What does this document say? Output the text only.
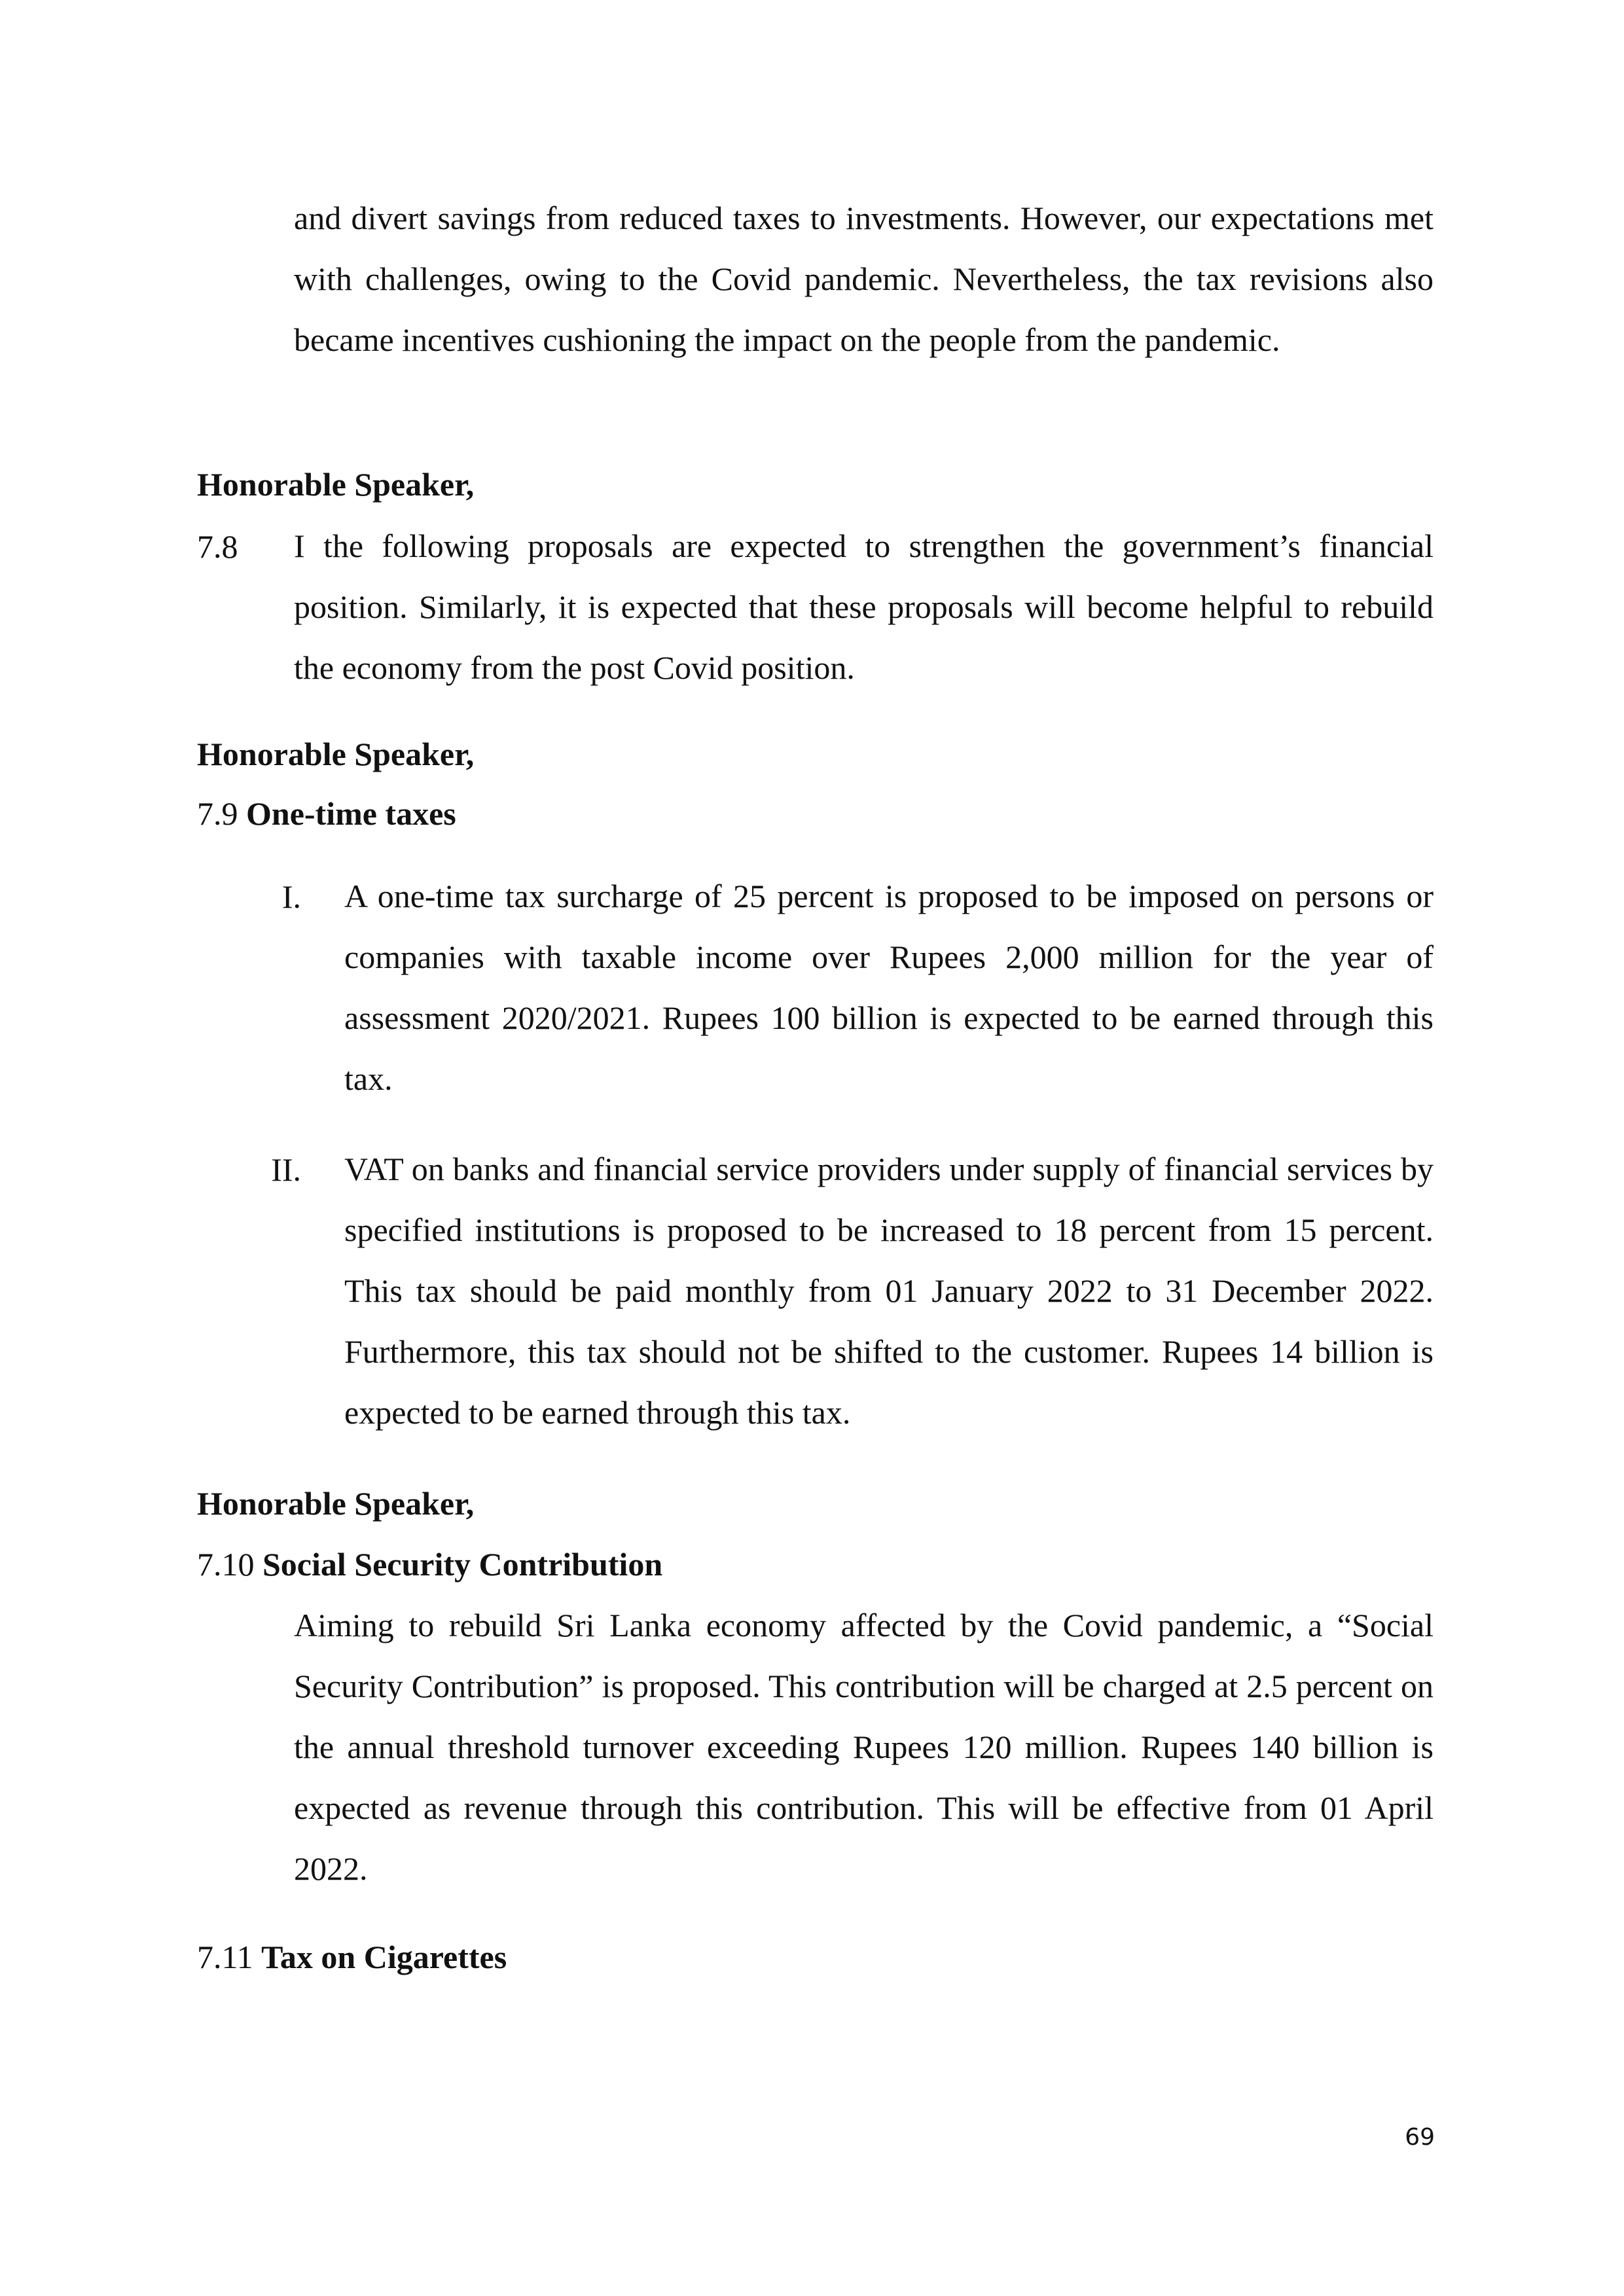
and divert savings from reduced taxes to investments. However, our expectations met with challenges, owing to the Covid pandemic. Nevertheless, the tax revisions also became incentives cushioning the impact on the people from the pandemic.

Honorable Speaker,

7.8 I the following proposals are expected to strengthen the government’s financial position. Similarly, it is expected that these proposals will become helpful to rebuild the economy from the post Covid position.

Honorable Speaker,

7.9 One-time taxes

I. A one-time tax surcharge of 25 percent is proposed to be imposed on persons or companies with taxable income over Rupees 2,000 million for the year of assessment 2020/2021. Rupees 100 billion is expected to be earned through this tax.

II. VAT on banks and financial service providers under supply of financial services by specified institutions is proposed to be increased to 18 percent from 15 percent. This tax should be paid monthly from 01 January 2022 to 31 December 2022. Furthermore, this tax should not be shifted to the customer. Rupees 14 billion is expected to be earned through this tax.

Honorable Speaker,

7.10 Social Security Contribution

Aiming to rebuild Sri Lanka economy affected by the Covid pandemic, a “Social Security Contribution” is proposed. This contribution will be charged at 2.5 percent on the annual threshold turnover exceeding Rupees 120 million. Rupees 140 billion is expected as revenue through this contribution. This will be effective from 01 April 2022.

7.11 Tax on Cigarettes

69
